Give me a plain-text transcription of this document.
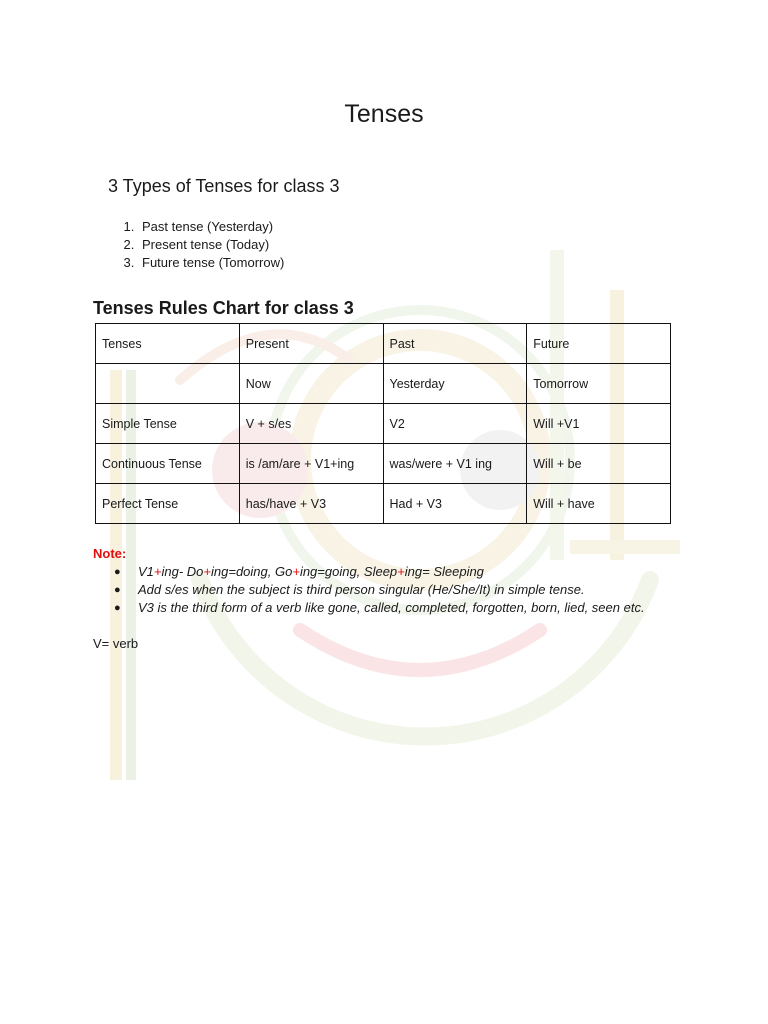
Tenses
3 Types of Tenses for class 3
1. Past tense (Yesterday)
2. Present tense (Today)
3. Future tense (Tomorrow)
Tenses Rules Chart for class 3
Tenses	Present	Past	Future
	Now	Yesterday	Tomorrow
Simple Tense	V + s/es	V2	Will +V1
Continuous Tense	is /am/are + V1+ing	was/were + V1 ing	Will + be
Perfect Tense	has/have + V3	Had + V3	Will + have
Note:
● V1+ing- Do+ing=doing, Go+ing=going, Sleep+ing= Sleeping
● Add s/es when the subject is third person singular (He/She/It) in simple tense.
● V3 is the third form of a verb like gone, called, completed, forgotten, born, lied, seen etc.
V= verb
